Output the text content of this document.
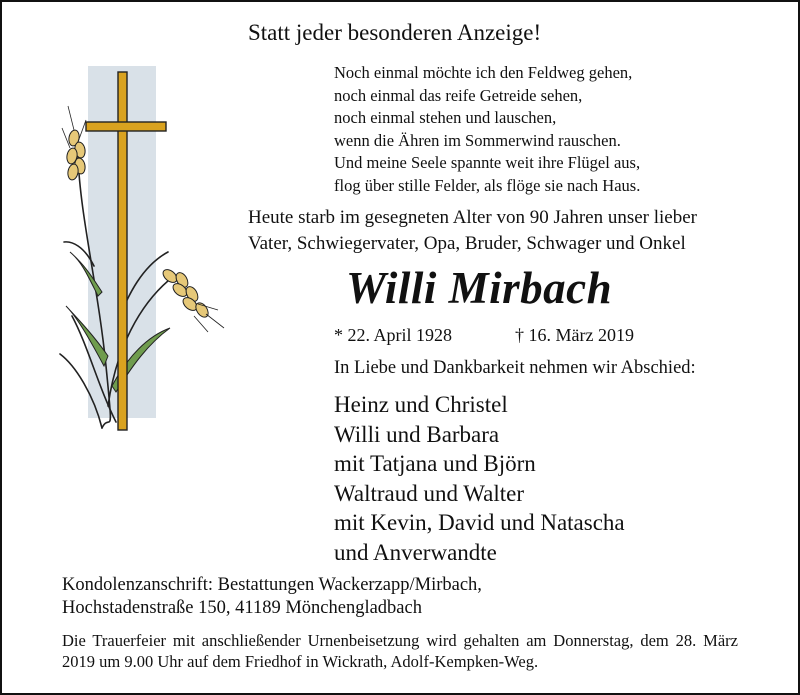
Statt jeder besonderen Anzeige!
Noch einmal möchte ich den Feldweg gehen,
noch einmal das reife Getreide sehen,
noch einmal stehen und lauschen,
wenn die Ähren im Sommerwind rauschen.
Und meine Seele spannte weit ihre Flügel aus,
flog über stille Felder, als flöge sie nach Haus.
Heute starb im gesegneten Alter von 90 Jahren unser lieber
Vater, Schwiegervater, Opa, Bruder, Schwager und Onkel
Willi Mirbach
* 22. April 1928	† 16. März 2019
In Liebe und Dankbarkeit nehmen wir Abschied:
Heinz und Christel
Willi und Barbara
mit Tatjana und Björn
Waltraud und Walter
mit Kevin, David und Natascha
und Anverwandte
Kondolenzanschrift: Bestattungen Wackerzapp/Mirbach,
Hochstadenstraße 150, 41189 Mönchengladbach
Die Trauerfeier mit anschließender Urnenbeisetzung wird gehalten am Donnerstag, dem 28. März 2019 um 9.00 Uhr auf dem Friedhof in Wickrath, Adolf-Kempken-Weg.
